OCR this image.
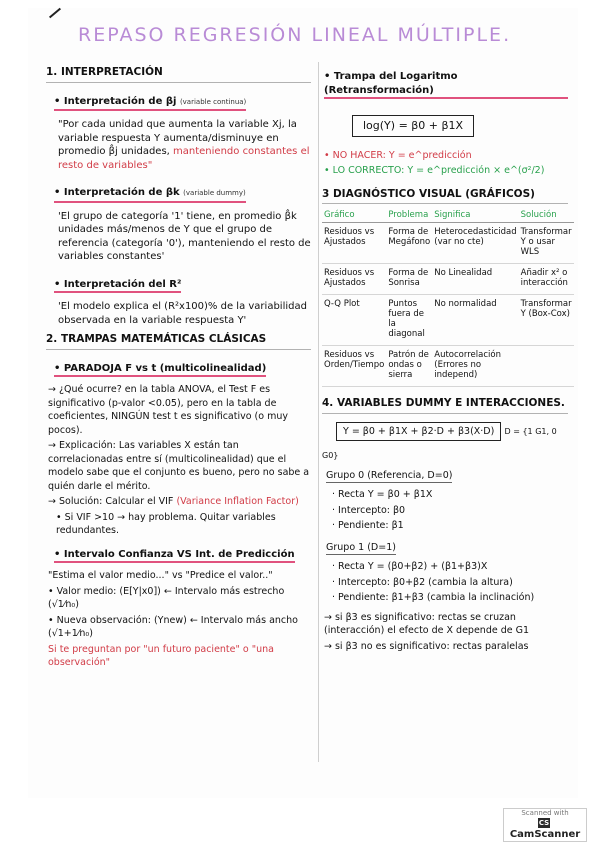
REPASO REGRESIÓN LINEAL MÚLTIPLE.
1. INTERPRETACIÓN
• Interpretación de βj (variable continua)
"Por cada unidad que aumenta la variable Xj, la variable respuesta Y aumenta/disminuye en promedio β̂j unidades, manteniendo constantes el resto de variables"
• Interpretación de βk (variable dummy)
'El grupo de categoría '1' tiene, en promedio β̂k unidades más/menos de Y que el grupo de referencia (categoría '0'), manteniendo el resto de variables constantes'
• Interpretación del R²
'El modelo explica el (R²x100)% de la variabilidad observada en la variable respuesta Y'
2. TRAMPAS MATEMÁTICAS CLÁSICAS
• PARADOJA F vs t (multicolinealidad)
→ ¿Qué ocurre? en la tabla ANOVA, el Test F es significativo (p-valor <0.05), pero en la tabla de coeficientes, NINGÚN test t es significativo (o muy pocos).
→ Explicación: Las variables X están tan correlacionadas entre sí (multicolinealidad) que el modelo sabe que el conjunto es bueno, pero no sabe a quién darle el mérito.
→ Solución: Calcular el VIF (Variance Inflation Factor)
• Si VIF >10 → hay problema. Quitar variables redundantes.
• Intervalo Confianza VS Int. de Predicción
"Estima el valor medio..." vs "Predice el valor.."
• Valor medio: (E[Y|x0]) ← Intervalo más estrecho (√1⁄n₀)
• Nueva observación: (Ynew) ← Intervalo más ancho (√1+1⁄n₀)
Si te preguntan por "un futuro paciente" o "una observación"
• Trampa del Logaritmo (Retransformación) log(Y) = β0 + β1X
• NO HACER: Y = e^predicción
• LO CORRECTO: Y = e^predicción × e^(σ²/2)
3 DIAGNÓSTICO VISUAL (GRÁFICOS)
Gráfico	Problema	Significa	Solución
Residuos vs Ajustados	Forma de Megáfono	Heterocedasticidad (var no cte)	Transformar Y o usar WLS
Residuos vs Ajustados	Forma de Sonrisa	No Linealidad	Añadir x² o interacción
Q-Q Plot	Puntos fuera de la diagonal	No normalidad	Transformar Y (Box-Cox)
Residuos vs Orden/Tiempo	Patrón de ondas o sierra	Autocorrelación (Errores no independ)	
4. VARIABLES DUMMY E INTERACCIONES.
Y = β0 + β1X + β2·D + β3(X·D) D = {1 G1, 0 G0}
Grupo 0 (Referencia, D=0)
· Recta Y = β0 + β1X
· Intercepto: β0
· Pendiente: β1
Grupo 1 (D=1)
· Recta Y = (β0+β2) + (β1+β3)X
· Intercepto: β0+β2 (cambia la altura)
· Pendiente: β1+β3 (cambia la inclinación)
→ si β3 es significativo: rectas se cruzan (interacción) el efecto de X depende de G1
→ si β3 no es significativo: rectas paralelas
Scanned with
CSCamScanner
